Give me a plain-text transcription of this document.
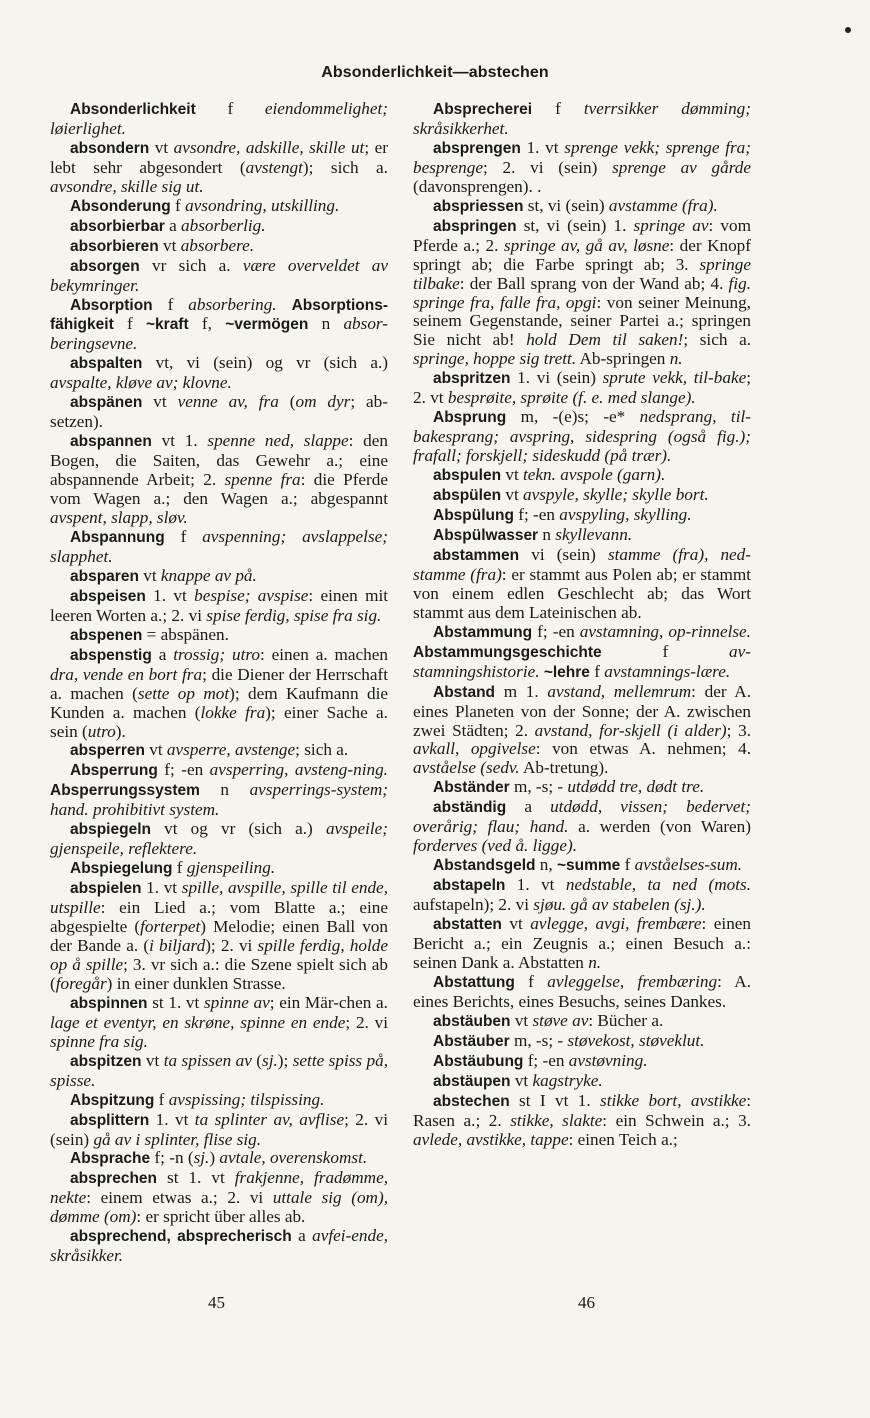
Absonderlichkeit—abstechen

Absonderlichkeit f eiendommelighet; løierlighet.

absondern vt avsondre, adskille, skille ut; er lebt sehr abgesondert (avstengt); sich a. avsondre, skille sig ut.

Absonderung f avsondring, utskilling.

absorbierbar a absorberlig.

absorbieren vt absorbere.

absorgen vr sich a. være overveldet av bekymringer.

Absorption f absorbering. Absorptions-fähigkeit f ~kraft f, ~vermögen n absor-beringsevne.

abspalten vt, vi (sein) og vr (sich a.) avspalte, kløve av; klovne.

abspänen vt venne av, fra (om dyr; ab-setzen).

abspannen vt 1. spenne ned, slappe: den Bogen, die Saiten, das Gewehr a.; eine abspannende Arbeit; 2. spenne fra: die Pferde vom Wagen a.; den Wagen a.; abgespannt avspent, slapp, sløv.

Abspannung f avspenning; avslappelse; slapphet.

absparen vt knappe av på.

abspeisen 1. vt bespise; avspise: einen mit leeren Worten a.; 2. vi spise ferdig, spise fra sig.

abspenen = abspänen.

abspenstig a trossig; utro: einen a. machen dra, vende en bort fra; die Diener der Herrschaft a. machen (sette op mot); dem Kaufmann die Kunden a. machen (lokke fra); einer Sache a. sein (utro).

absperren vt avsperre, avstenge; sich a.

Absperrung f; -en avsperring, avsteng-ning. Absperrungssystem n avsperrings-system; hand. prohibitivt system.

abspiegeln vt og vr (sich a.) avspeile; gjenspeile, reflektere.

Abspiegelung f gjenspeiling.

abspielen 1. vt spille, avspille, spille til ende, utspille: ein Lied a.; vom Blatte a.; eine abgespielte (forterpet) Melodie; einen Ball von der Bande a. (i biljard); 2. vi spille ferdig, holde op å spille; 3. vr sich a.: die Szene spielt sich ab (foregår) in einer dunklen Strasse.

abspinnen st 1. vt spinne av; ein Mär-chen a. lage et eventyr, en skrøne, spinne en ende; 2. vi spinne fra sig.

abspitzen vt ta spissen av (sj.); sette spiss på, spisse.

Abspitzung f avspissing; tilspissing.

absplittern 1. vt ta splinter av, avflise; 2. vi (sein) gå av i splinter, flise sig.

Absprache f; -n (sj.) avtale, overenskomst.

absprechen st 1. vt frakjenne, fradømme, nekte: einem etwas a.; 2. vi uttale sig (om), dømme (om): er spricht über alles ab.

absprechend, absprecherisch a avfei-ende, skråsikker.

Absprecherei f tverrsikker dømming; skråsikkerhet.

absprengen 1. vt sprenge vekk; sprenge fra; besprenge; 2. vi (sein) sprenge av gårde (davonsprengen). .

abspriessen st, vi (sein) avstamme (fra).

abspringen st, vi (sein) 1. springe av: vom Pferde a.; 2. springe av, gå av, løsne: der Knopf springt ab; die Farbe springt ab; 3. springe tilbake: der Ball sprang von der Wand ab; 4. fig. springe fra, falle fra, opgi: von seiner Meinung, seinem Gegenstande, seiner Partei a.; springen Sie nicht ab! hold Dem til saken!; sich a. springe, hoppe sig trett. Ab-springen n.

abspritzen 1. vi (sein) sprute vekk, til-bake; 2. vt besprøite, sprøite (f. e. med slange).

Absprung m, -(e)s; -e* nedsprang, til-bakesprang; avspring, sidespring (også fig.); frafall; forskjell; sideskudd (på trær).

abspulen vt tekn. avspole (garn).

abspülen vt avspyle, skylle; skylle bort.

Abspülung f; -en avspyling, skylling.

Abspülwasser n skyllevann.

abstammen vi (sein) stamme (fra), ned-stamme (fra): er stammt aus Polen ab; er stammt von einem edlen Geschlecht ab; das Wort stammt aus dem Lateinischen ab.

Abstammung f; -en avstamning, op-rinnelse. Abstammungsgeschichte f av-stamningshistorie. ~lehre f avstamnings-lære.

Abstand m 1. avstand, mellemrum: der A. eines Planeten von der Sonne; der A. zwischen zwei Städten; 2. avstand, for-skjell (i alder); 3. avkall, opgivelse: von etwas A. nehmen; 4. avståelse (sedv. Ab-tretung).

Abständer m, -s; - utdødd tre, dødt tre.

abständig a utdødd, vissen; bedervet; overårig; flau; hand. a. werden (von Waren) forderves (ved å. ligge).

Abstandsgeld n, ~summe f avståelses-sum.

abstapeln 1. vt nedstable, ta ned (mots. aufstapeln); 2. vi sjøu. gå av stabelen (sj.).

abstatten vt avlegge, avgi, frembære: einen Bericht a.; ein Zeugnis a.; einen Besuch a.: seinen Dank a. Abstatten n.

Abstattung f avleggelse, frembæring: A. eines Berichts, eines Besuchs, seines Dankes.

abstäuben vt støve av: Bücher a.

Abstäuber m, -s; - støvekost, støveklut.

Abstäubung f; -en avstøvning.

abstäupen vt kagstryke.

abstechen st I vt 1. stikke bort, avstikke: Rasen a.; 2. stikke, slakte: ein Schwein a.; 3. avlede, avstikke, tappe: einen Teich a.;

45	46
